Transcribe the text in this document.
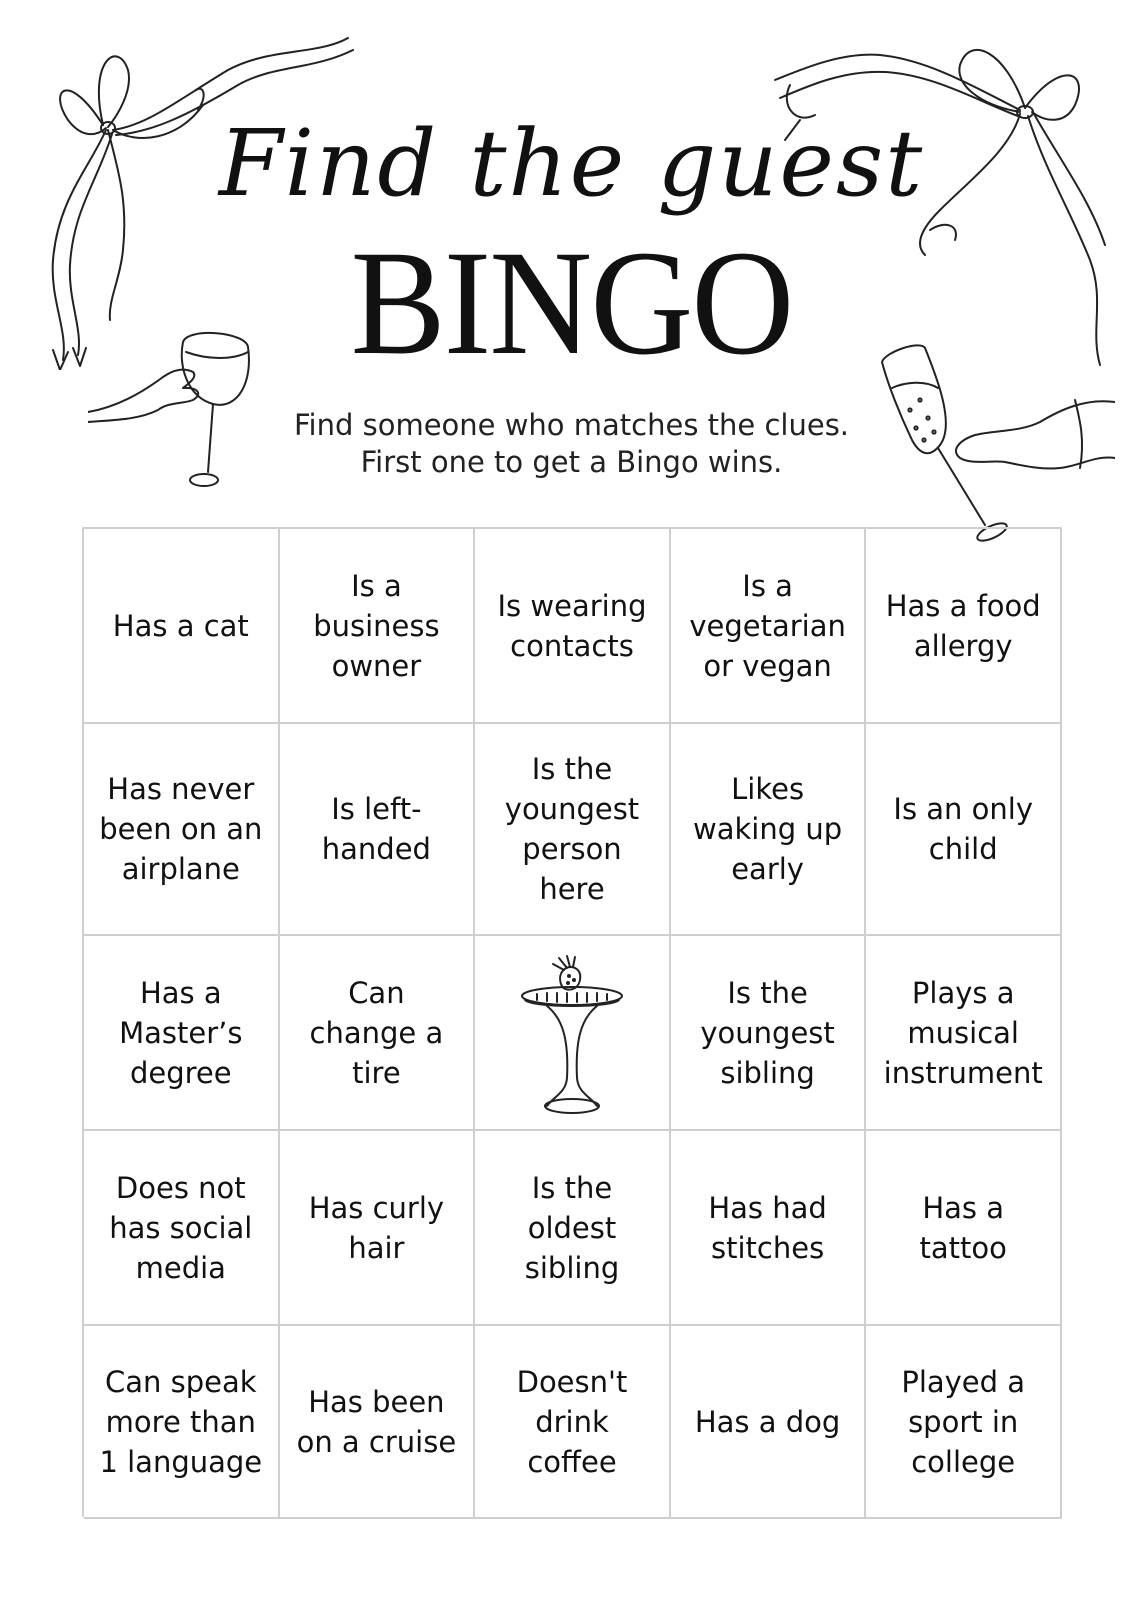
Find the guest
BINGO
Find someone who matches the clues.
First one to get a Bingo wins.
Has a cat
Is a business owner
Is wearing contacts
Is a vegetarian or vegan
Has a food allergy
Has never been on an airplane
Is left-handed
Is the youngest person here
Likes waking up early
Is an only child
Has a Master’s degree
Can change a tire
Is the youngest sibling
Plays a musical instrument
Does not has social media
Has curly hair
Is the oldest sibling
Has had stitches
Has a tattoo
Can speak more than 1 language
Has been on a cruise
Doesn't drink coffee
Has a dog
Played a sport in college
